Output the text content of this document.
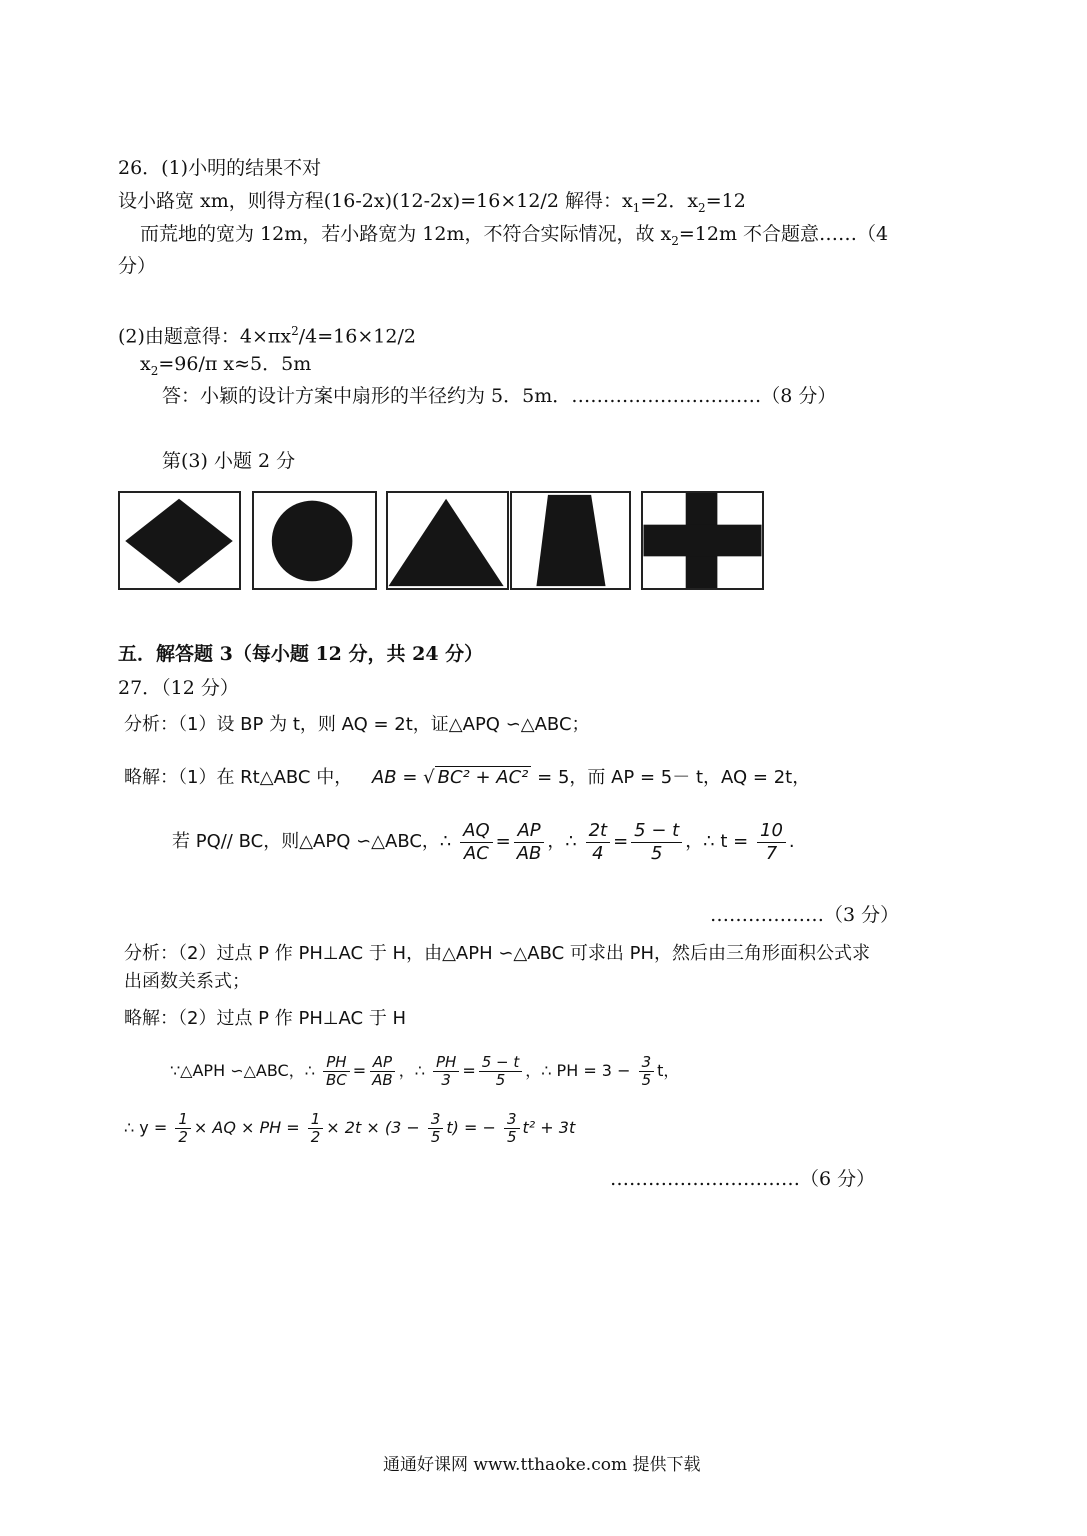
26．(1)小明的结果不对
设小路宽 xm，则得方程(16-2x)(12-2x)=16×12/2 解得：$x_1=2$．$x_2=12$
而荒地的宽为 12m，若小路宽为 12m，不符合实际情况，故 $x_2=12m$ 不合题意……（4
分）
(2)由题意得：$4\times\pi x^2/4=16\times 12/2$
$x_2=96/\pi$ x≈5．5m
答：小颖的设计方案中扇形的半径约为 5．5m．…………………………（8 分）
第(3) 小题 2 分
五．解答题 3（每小题 12 分，共 24 分）
27．（12 分）
分析：（1）设 BP 为 t，则 AQ = 2t，证△APQ ∽△ABC；
略解：（1）在 Rt△ABC 中， AB = √ BC² + AC² = 5，而 AP = 5－ t，AQ = 2t，
若 PQ// BC，则△APQ ∽△ABC，∴ $\frac{AQ}{AC} = \frac{AP}{AB}$ ，∴ $\frac{2t}{4} = \frac{5 - t}{5}$ ，∴ $t = \frac{10}{7}$ .
………………（3 分）
分析：（2）过点 P 作 PH⊥AC 于 H，由△APH ∽△ABC 可求出 PH，然后由三角形面积公式求
出函数关系式；
略解：（2）过点 P 作 PH⊥AC 于 H
∵△APH ∽△ABC，∴ $\frac{PH}{BC} = \frac{AP}{AB}$ ，∴ $\frac{PH}{3} = \frac{5 - t}{5}$ ，∴ PH = $3 - \frac{3}{5}$ t，
∴ $y = \frac{1}{2}$ × AQ × PH = $\frac{1}{2} \times 2t \times (3 - \frac{3}{5} t)$ = − $\frac{3}{5} t^2 + 3t$
…………………………（6 分）
通通好课网 www.tthaoke.com 提供下载
